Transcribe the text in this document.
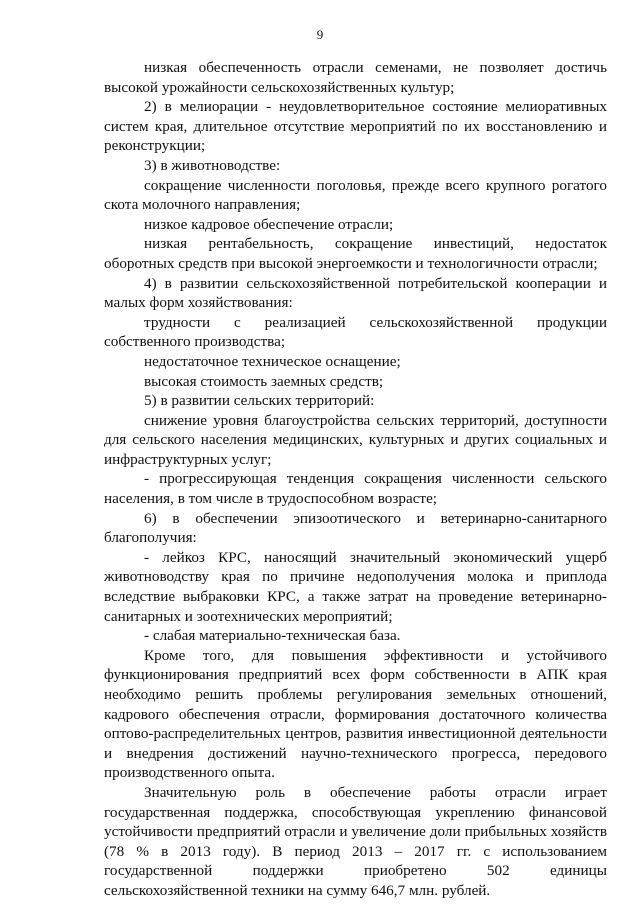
9

низкая обеспеченность отрасли семенами, не позволяет достичь высокой урожайности сельскохозяйственных культур;

2) в мелиорации - неудовлетворительное состояние мелиоративных систем края, длительное отсутствие мероприятий по их восстановлению и реконструкции;

3) в животноводстве:

сокращение численности поголовья, прежде всего крупного рогатого скота молочного направления;

низкое кадровое обеспечение отрасли;

низкая рентабельность, сокращение инвестиций, недостаток оборотных средств при высокой энергоемкости и технологичности отрасли;

4) в развитии сельскохозяйственной потребительской кооперации и малых форм хозяйствования:

трудности с реализацией сельскохозяйственной продукции собственного производства;

недостаточное техническое оснащение;

высокая стоимость заемных средств;

5) в развитии сельских территорий:

снижение уровня благоустройства сельских территорий, доступности для сельского населения медицинских, культурных и других социальных и инфраструктурных услуг;

- прогрессирующая тенденция сокращения численности сельского населения, в том числе в трудоспособном возрасте;

6) в обеспечении эпизоотического и ветеринарно-санитарного благополучия:

- лейкоз КРС, наносящий значительный экономический ущерб животноводству края по причине недополучения молока и приплода вследствие выбраковки КРС, а также затрат на проведение ветеринарно-санитарных и зоотехнических мероприятий;

- слабая материально-техническая база.

Кроме того, для повышения эффективности и устойчивого функционирования предприятий всех форм собственности в АПК края необходимо решить проблемы регулирования земельных отношений, кадрового обеспечения отрасли, формирования достаточного количества оптово-распределительных центров, развития инвестиционной деятельности и внедрения достижений научно-технического прогресса, передового производственного опыта.

Значительную роль в обеспечение работы отрасли играет государственная поддержка, способствующая укреплению финансовой устойчивости предприятий отрасли и увеличение доли прибыльных хозяйств (78 % в 2013 году). В период 2013 – 2017 гг. с использованием государственной поддержки приобретено 502 единицы сельскохозяйственной техники на сумму 646,7 млн. рублей.
